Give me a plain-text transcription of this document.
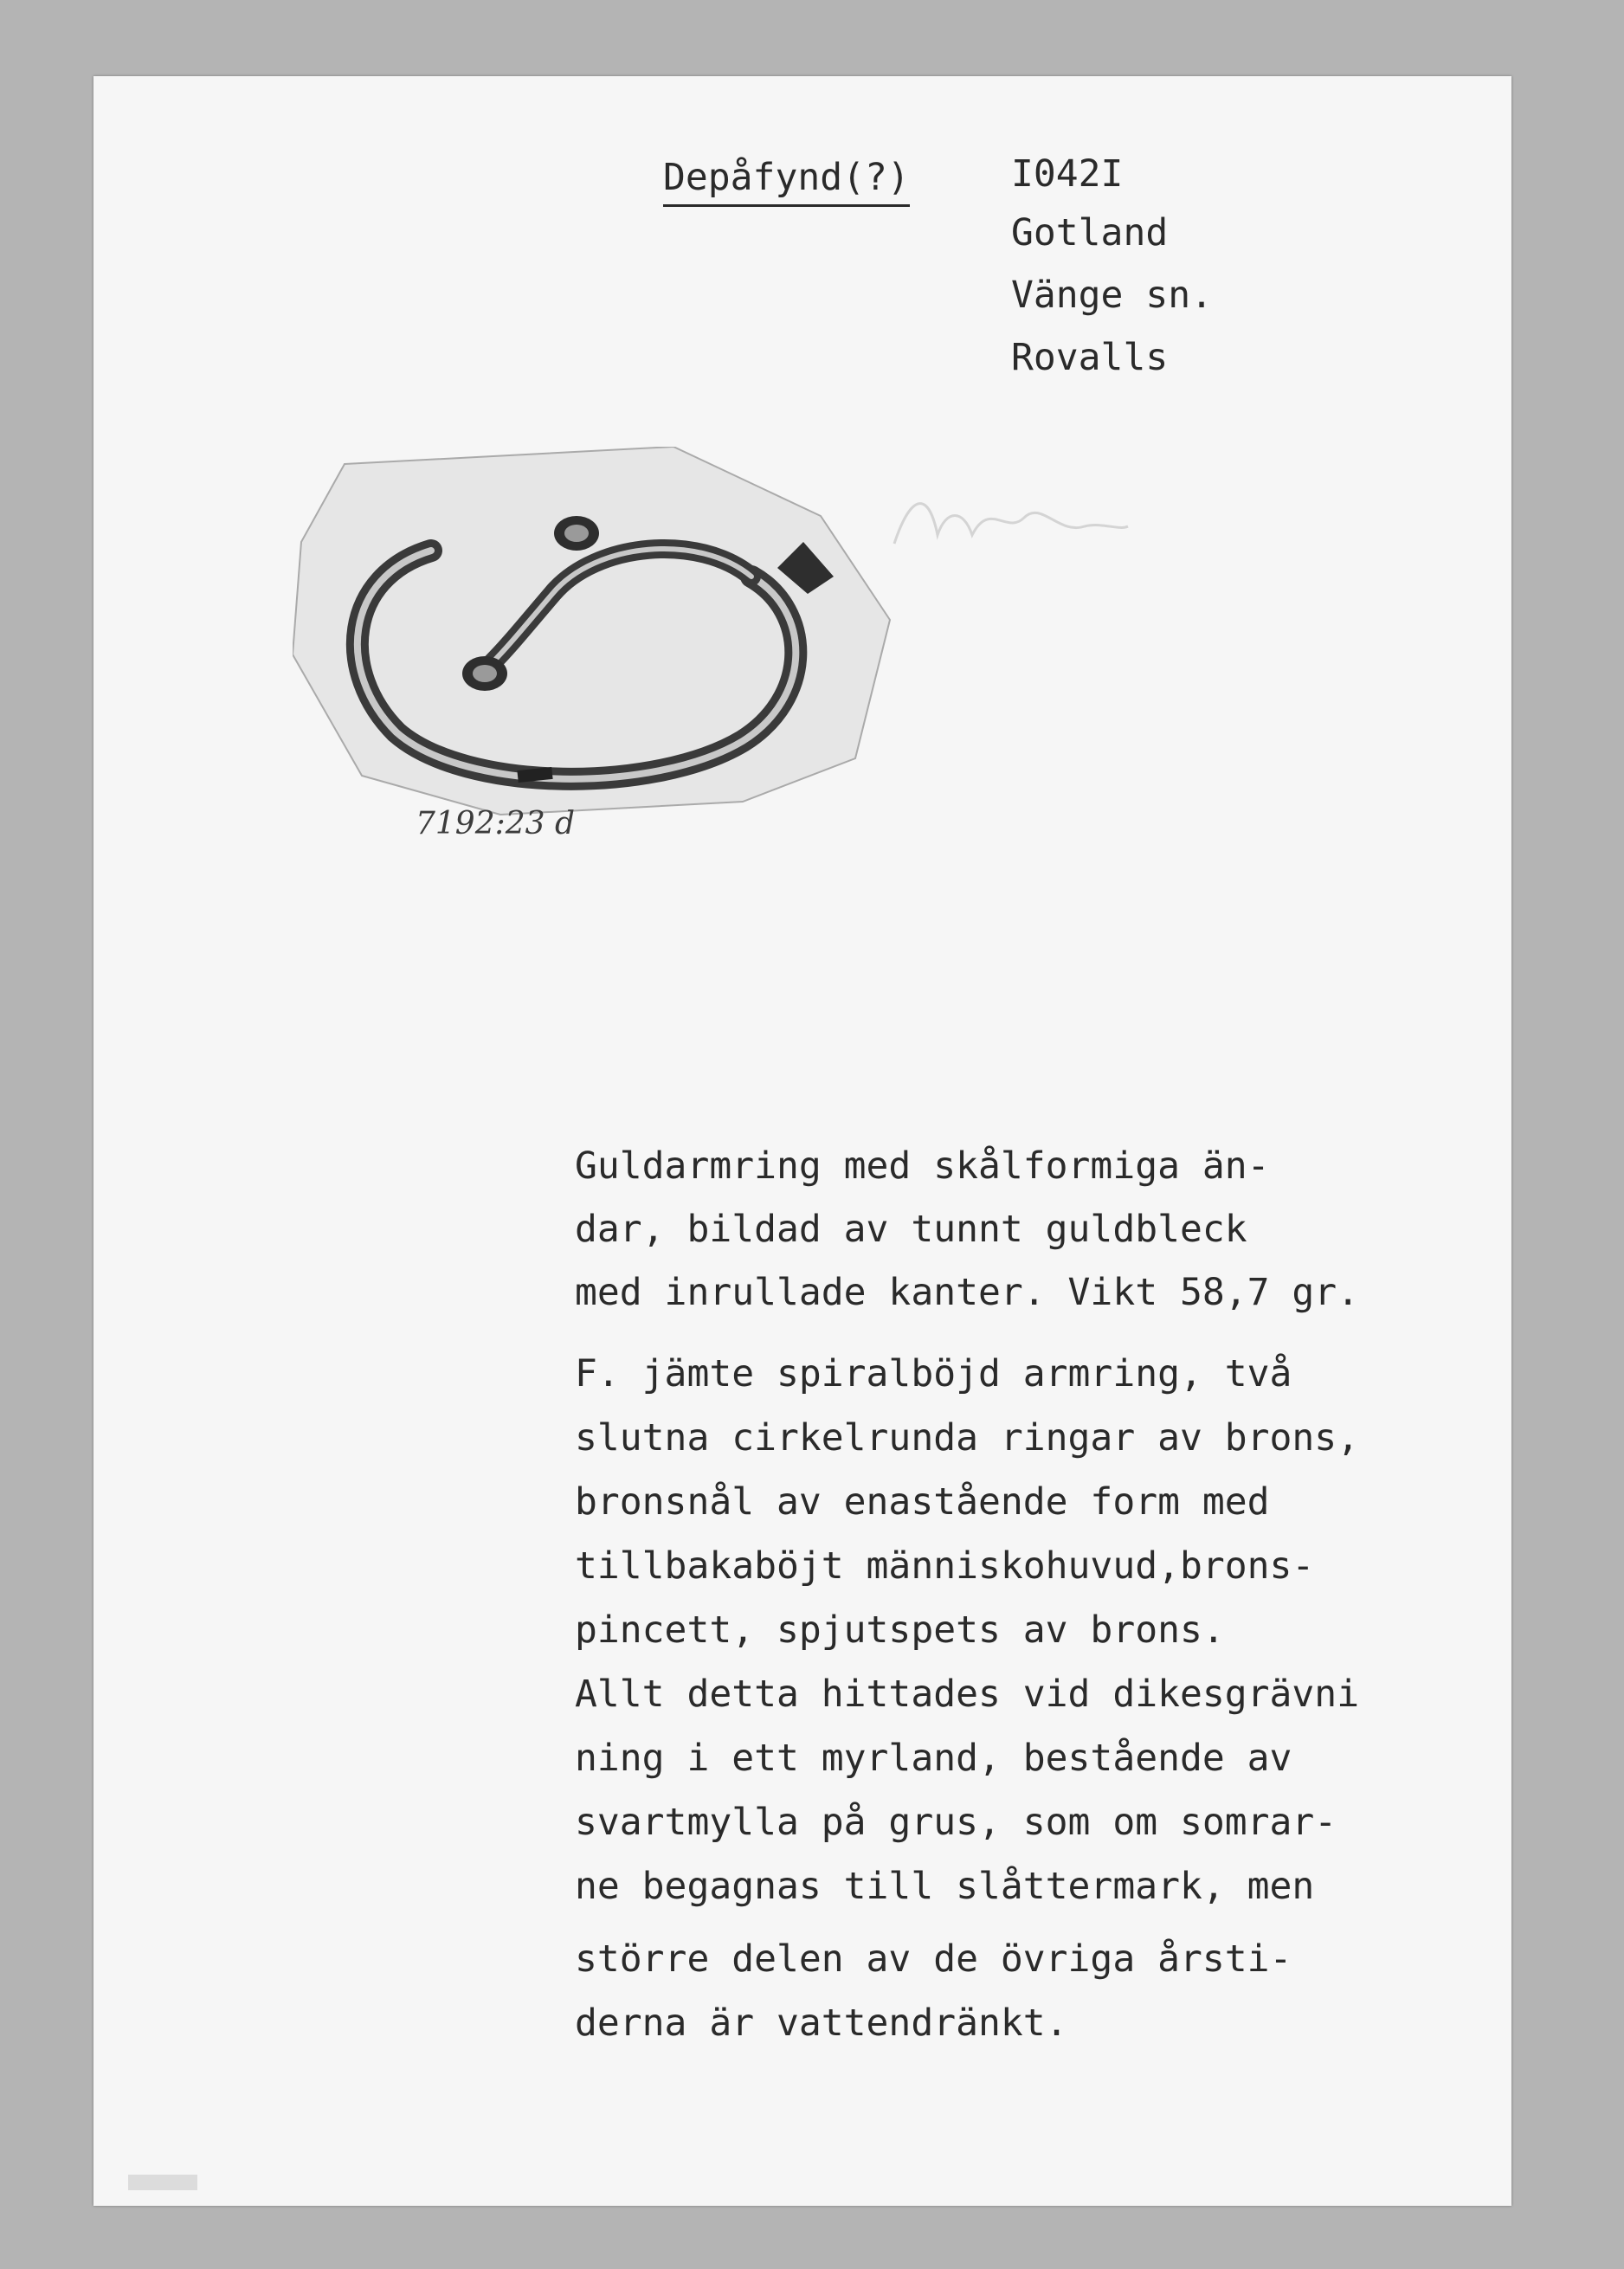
Depåfynd(?)	I042I
Gotland
Vänge sn.
Rovalls
7192:23 d
Guldarmring med skålformiga än-
dar, bildad av tunnt guldbleck
med inrullade kanter. Vikt 58,7 gr.
F. jämte spiralböjd armring, två
slutna cirkelrunda ringar av brons,
bronsnål av enastående form med
tillbakaböjt människohuvud,brons-
pincett, spjutspets av brons.
Allt detta hittades vid dikesgrävni
ning i ett myrland, bestående av
svartmylla på grus, som om somrar-
ne begagnas till slåttermark, men
större delen av de övriga årsti-
derna är vattendränkt.
